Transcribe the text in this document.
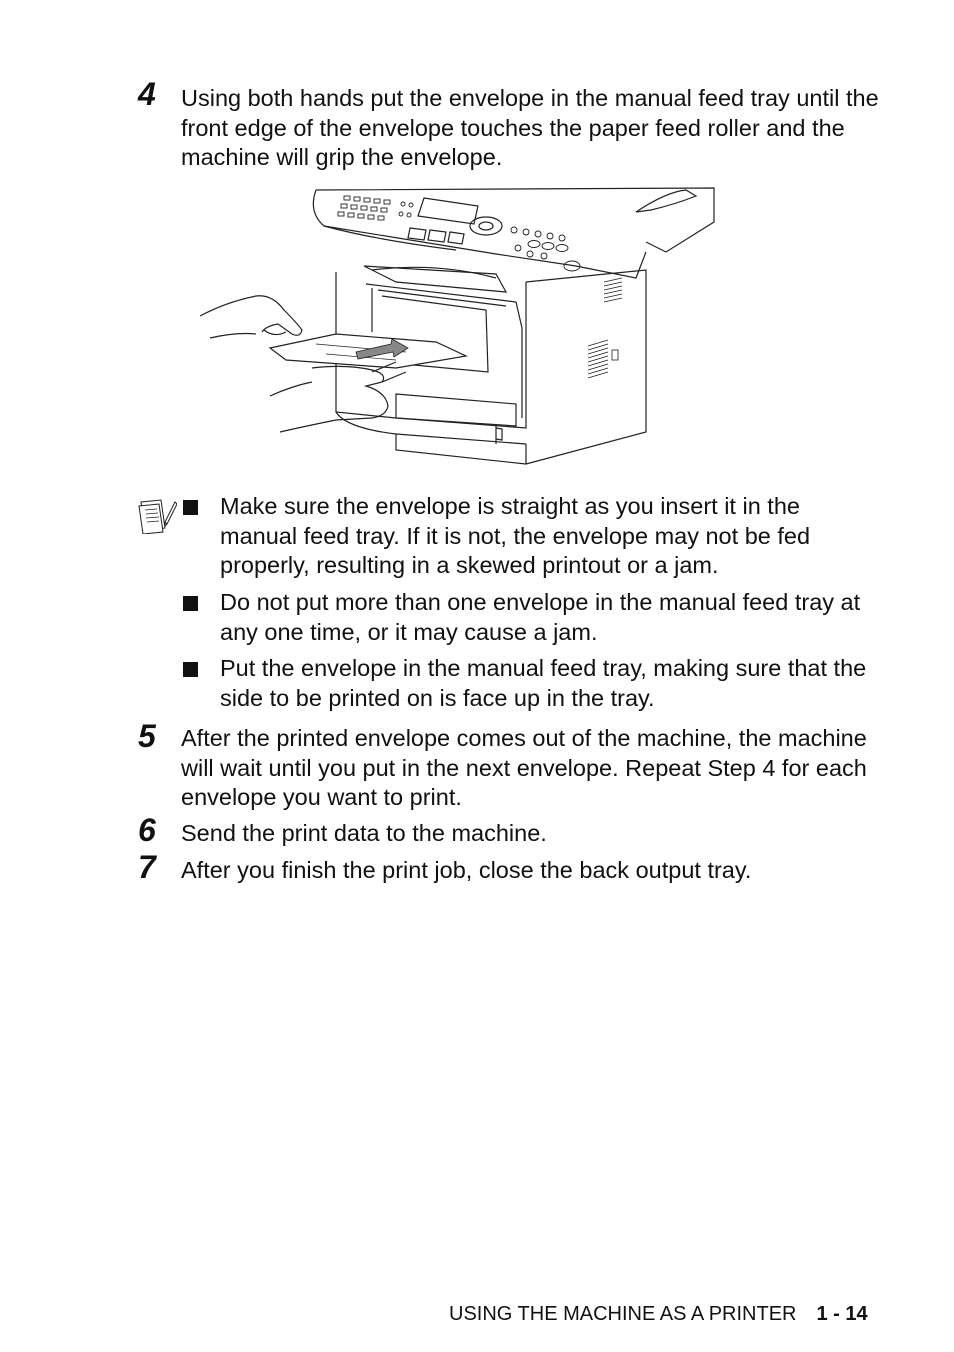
4 Using both hands put the envelope in the manual feed tray until the front edge of the envelope touches the paper feed roller and the machine will grip the envelope.
Make sure the envelope is straight as you insert it in the manual feed tray. If it is not, the envelope may not be fed properly, resulting in a skewed printout or a jam.
Do not put more than one envelope in the manual feed tray at any one time, or it may cause a jam.
Put the envelope in the manual feed tray, making sure that the side to be printed on is face up in the tray.
5 After the printed envelope comes out of the machine, the machine will wait until you put in the next envelope. Repeat Step 4 for each envelope you want to print.
6 Send the print data to the machine.
7 After you finish the print job, close the back output tray.
USING THE MACHINE AS A PRINTER 1 - 14
